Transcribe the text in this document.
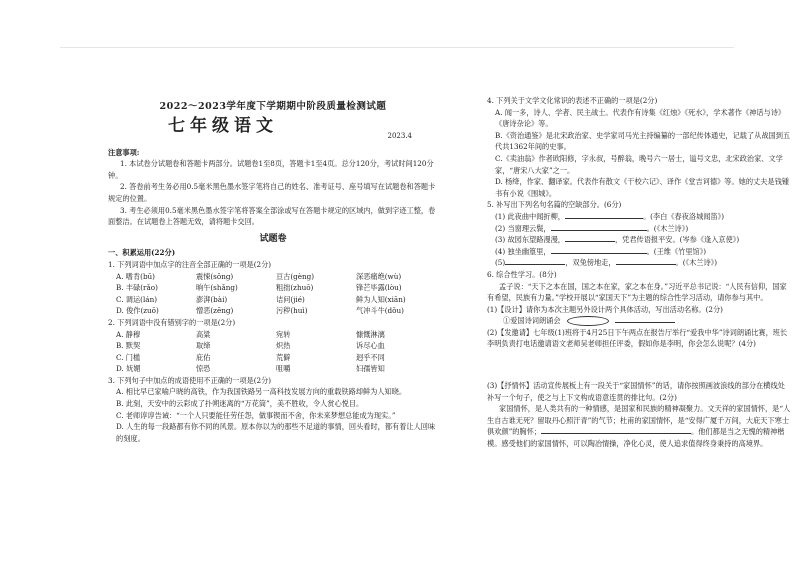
2022～2023学年度下学期期中阶段质量检测试题
七年级语文	2023.4
注意事项:
1. 本试卷分试题卷和答题卡两部分。试题卷1至8页，答题卡1至4页。总分120分，考试时间120分钟。
2. 答卷前考生务必用0.5毫米黑色墨水签字笔将自己的姓名、准考证号、座号填写在试题卷和答题卡规定的位置。
3. 考生必须用0.5毫米黑色墨水签字笔将答案全部涂或写在答题卡规定的区域内，做到字迹工整，卷面整洁。在试题卷上答题无效，请将题卡交回。
试题卷
一、积累运用(22分)
1. 下列词语中加点字的注音全部正确的一项是(2分)
A. 嗜肯(bū)	震悚(sǒng)	亘古(gèng)	深恶痛绝(wù)
B. 丰碌(rǎo)	晌午(shǎng)	粗拙(zhuō)	锋芒毕露(lòu)
C. 调运(lán)	澎湃(bài)	诘问(jié)	鲜为人知(xiān)
D. 俊作(zuō)	憎恶(zēng)	污秽(huì)	气冲斗牛(dǒu)
2. 下列词语中没有错别字的一项是(2分)
A. 静穆	高粱	宛转	慷慨淋漓
B. 默契	取缔	炽热	诉尽心血
C. 门槛	庇佑	荒僻	迥乎不同
D. 妩媚	惊恐	咀嚼	妇孺皆知
3. 下列句子中加点的成语使用不正确的一项是(2分)
A. 相比早已家喻户晓的高铁，作为我国铁路另一高科技发展方向的重载铁路却鲜为人知晓。
B. 此刻，天安中的云彩成了扑朔迷离的“万花筒”，美不胜收，令人赏心悦目。
C. 老师谆谆告诫：“一个人只要能任劳任怨，做事锲而不舍，你未来梦想总能成为现实。”
D. 人生的每一段路都有你不同的风景。原本你以为的那些不足道的事情，回头看时，都有着让人回味的刻度。
4. 下列关于文学文化常识的表述不正确的一项是(2分)
A. 闻一多，诗人、学者、民主战士。代表作有诗集《红烛》《死水》，学术著作《神话与诗》《唐诗杂论》等。
B.《资治通鉴》是北宋政治家、史学家司马光主持编纂的一部纪传体通史，记载了从战国到五代共1362年间的史事。
C.《卖油翁》作者欧阳修，字永叔，号醉翁，晚号六一居士，谥号文忠，北宋政治家、文学家，“唐宋八大家”之一。
D. 杨绛，作家、翻译家。代表作有散文《干校六记》、译作《堂吉诃德》等。她的丈夫是钱锺书有小说《围城》。
5. 补写出下列名句名篇的空缺部分。(6分)
(1) 此夜曲中闻折柳，	。(李白《春夜洛城闻笛》)
(2) 当窗理云鬓，	。(《木兰诗》)
(3) 故园东望路漫漫，	，凭君传语报平安。(岑参《逢入京使》)
(4) 独坐幽篁里，	。(王维《竹里馆》)
(5)	，双兔傍地走，	。(《木兰诗》)
6. 综合性学习。(8分)
孟子说：“天下之本在国，国之本在家，家之本在身。”习近平总书记说：“人民有信仰，国家有希望，民族有力量。”学校开展以“家国天下”为主题的综合性学习活动，请你参与其中。
(1)【设计】请你为本次主题另外设计两个具体活动，写出活动名称。(2分)
①爱国诗词朗诵会
(2)【发邀请】七年级(1)班将于4月25日下午两点在报告厅举行“爱我中华”诗词朗诵比赛，班长李明负责打电话邀请语文老师吴老师担任评委，假如你是李明，你会怎么说呢？(4分)
(3)【抒情怀】活动宣传展板上有一段关于“家国情怀”的话，请你按照画波浪线的部分在横线处补写一个句子，使之与上下文构成语意连贯的排比句。(2分)
家国情怀，是人类共有的一种情感，是国家和民族的精神凝聚力。文天祥的家国情怀，是“人生自古谁无死？留取丹心照汗青”的气节；杜甫的家国情怀，是“安得广厦千万间，大庇天下寒士俱欢颜”的胸怀；	。他们都是当之无愧的精神楷模。感受他们的家国情怀，可以陶冶情操，净化心灵，使人追求值得终身秉持的高境界。
